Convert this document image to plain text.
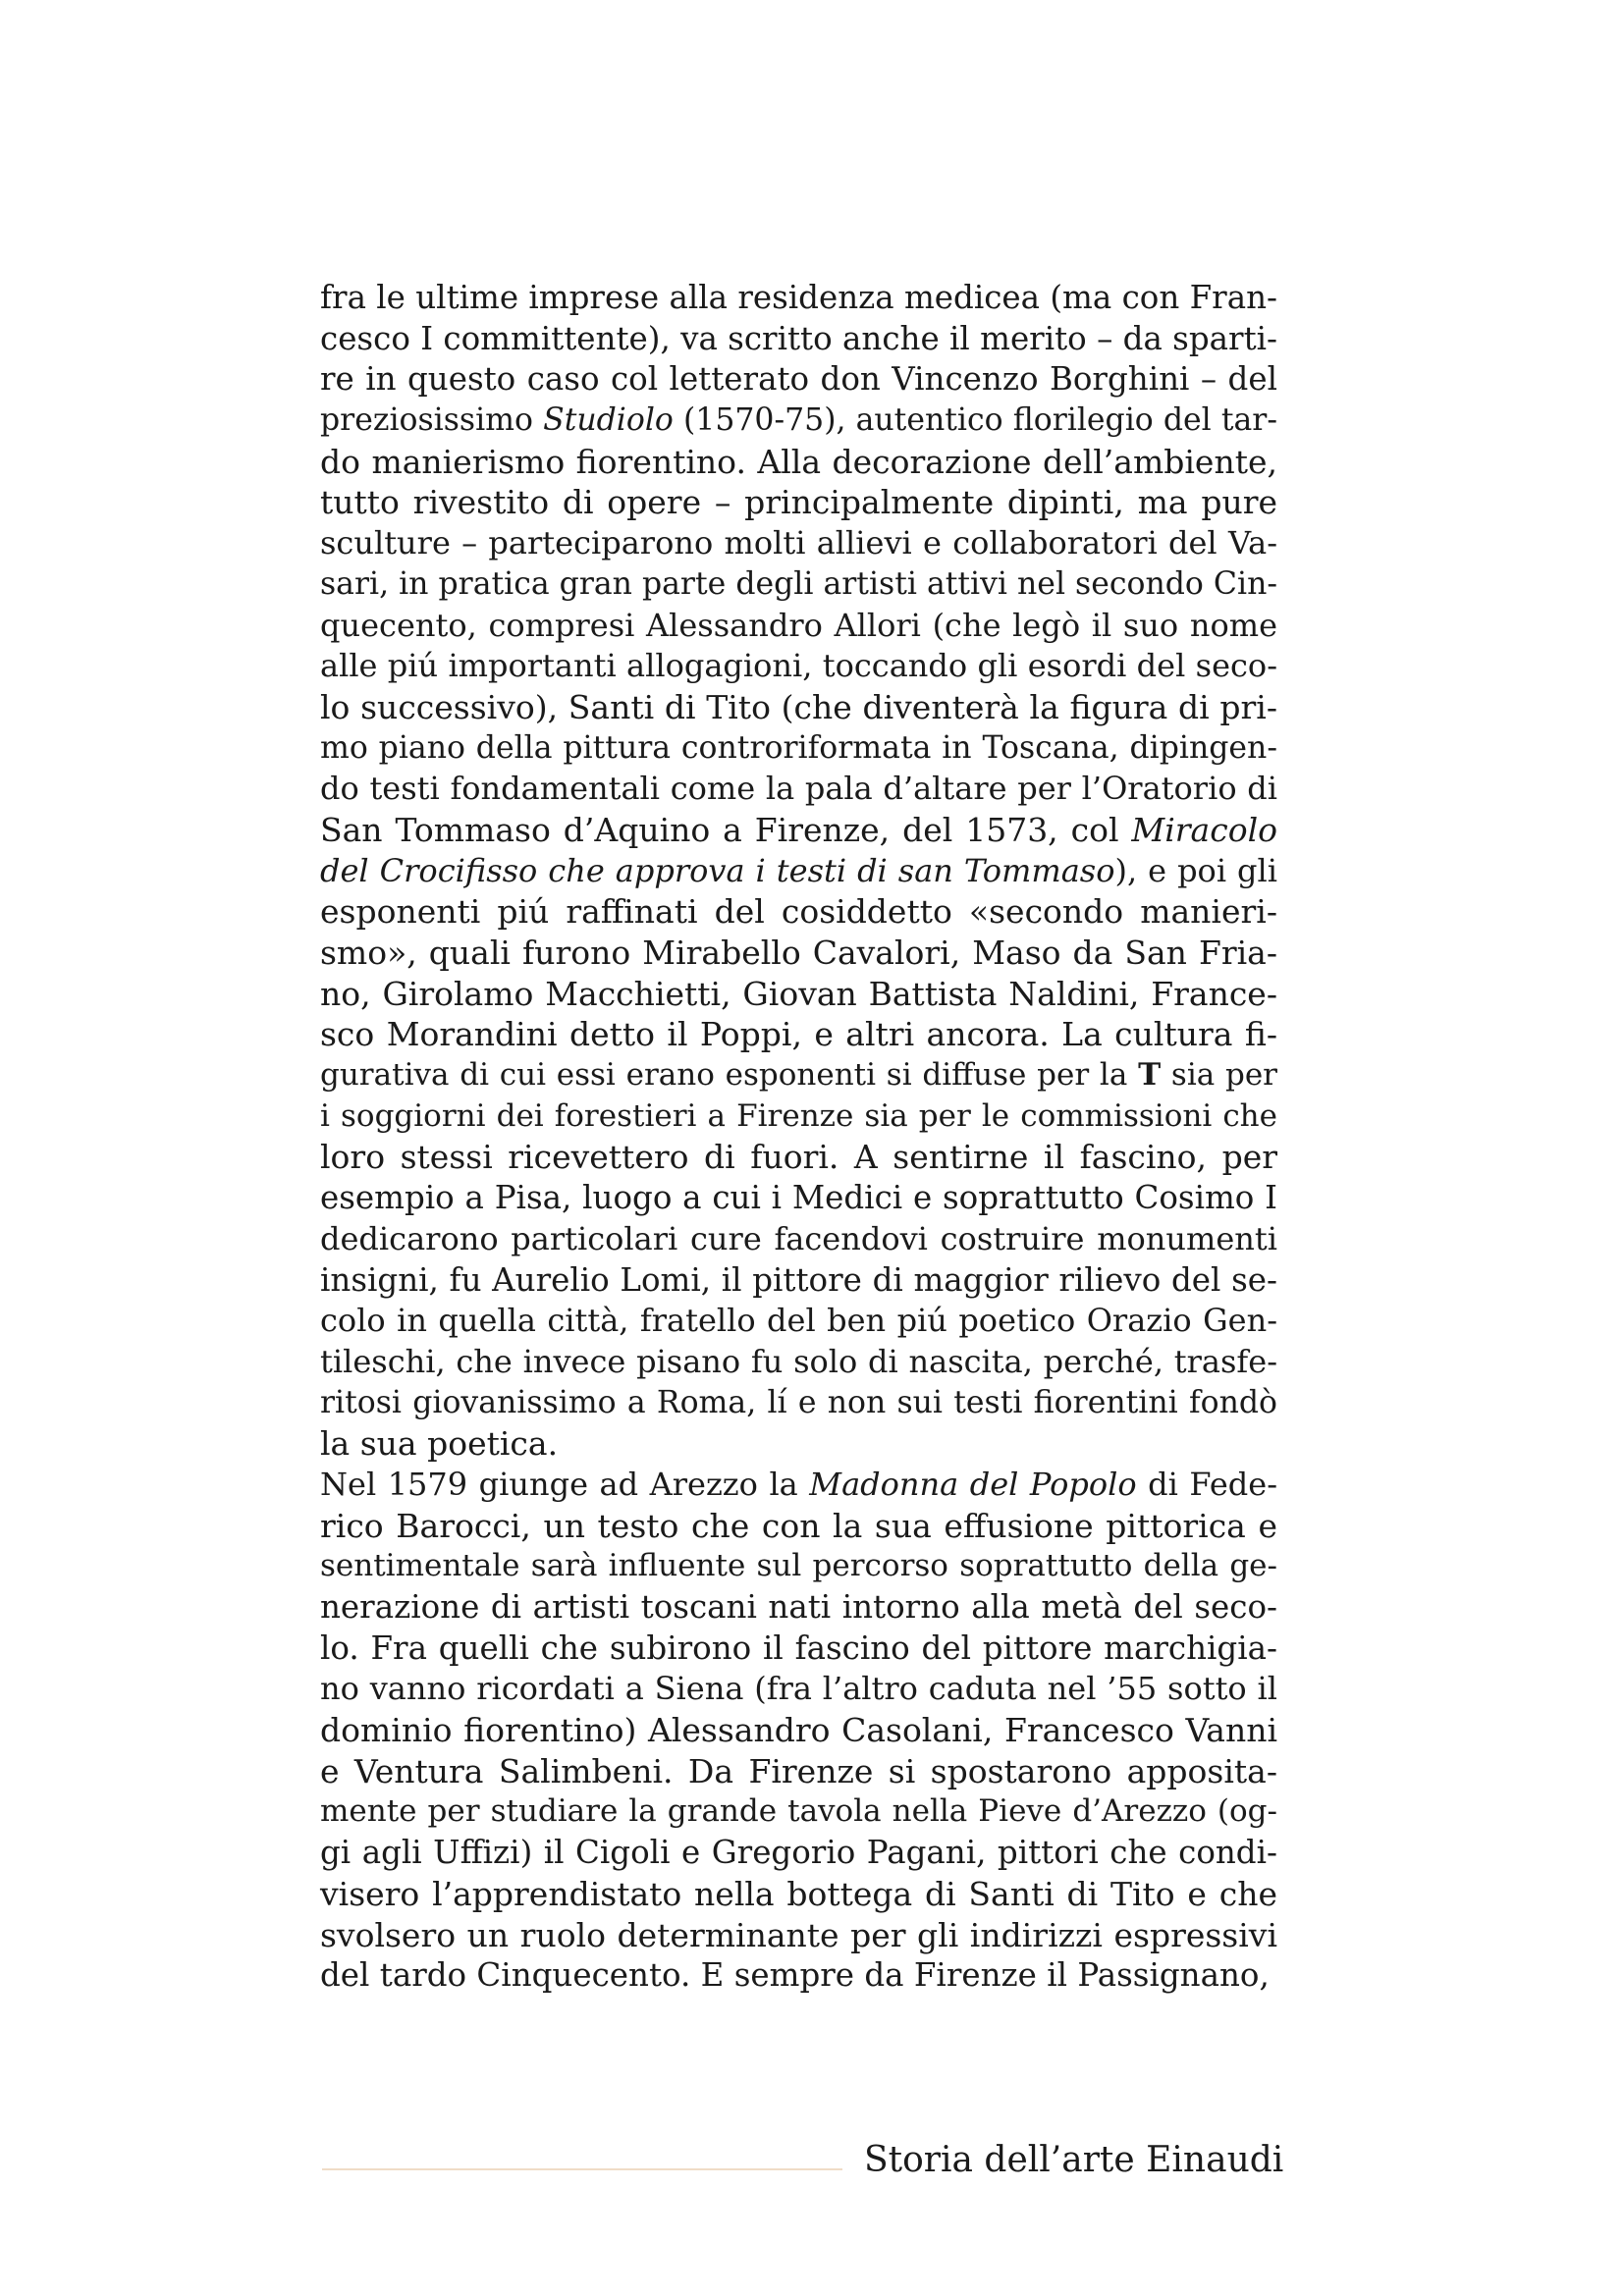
fra le ultime imprese alla residenza medicea (ma con Fran-
cesco I committente), va scritto anche il merito – da sparti-
re in questo caso col letterato don Vincenzo Borghini – del
preziosissimo Studiolo (1570-75), autentico florilegio del tar-
do manierismo fiorentino. Alla decorazione dell’ambiente,
tutto rivestito di opere – principalmente dipinti, ma pure
sculture – parteciparono molti allievi e collaboratori del Va-
sari, in pratica gran parte degli artisti attivi nel secondo Cin-
quecento, compresi Alessandro Allori (che legò il suo nome
alle piú importanti allogagioni, toccando gli esordi del seco-
lo successivo), Santi di Tito (che diventerà la figura di pri-
mo piano della pittura controriformata in Toscana, dipingen-
do testi fondamentali come la pala d’altare per l’Oratorio di
San Tommaso d’Aquino a Firenze, del 1573, col Miracolo
del Crocifisso che approva i testi di san Tommaso), e poi gli
esponenti piú raffinati del cosiddetto «secondo manieri-
smo», quali furono Mirabello Cavalori, Maso da San Fria-
no, Girolamo Macchietti, Giovan Battista Naldini, France-
sco Morandini detto il Poppi, e altri ancora. La cultura fi-
gurativa di cui essi erano esponenti si diffuse per la T sia per
i soggiorni dei forestieri a Firenze sia per le commissioni che
loro stessi ricevettero di fuori. A sentirne il fascino, per
esempio a Pisa, luogo a cui i Medici e soprattutto Cosimo I
dedicarono particolari cure facendovi costruire monumenti
insigni, fu Aurelio Lomi, il pittore di maggior rilievo del se-
colo in quella città, fratello del ben piú poetico Orazio Gen-
tileschi, che invece pisano fu solo di nascita, perché, trasfe-
ritosi giovanissimo a Roma, lí e non sui testi fiorentini fondò
la sua poetica.
Nel 1579 giunge ad Arezzo la Madonna del Popolo di Fede-
rico Barocci, un testo che con la sua effusione pittorica e
sentimentale sarà influente sul percorso soprattutto della ge-
nerazione di artisti toscani nati intorno alla metà del seco-
lo. Fra quelli che subirono il fascino del pittore marchigia-
no vanno ricordati a Siena (fra l’altro caduta nel ’55 sotto il
dominio fiorentino) Alessandro Casolani, Francesco Vanni
e Ventura Salimbeni. Da Firenze si spostarono apposita-
mente per studiare la grande tavola nella Pieve d’Arezzo (og-
gi agli Uffizi) il Cigoli e Gregorio Pagani, pittori che condi-
visero l’apprendistato nella bottega di Santi di Tito e che
svolsero un ruolo determinante per gli indirizzi espressivi
del tardo Cinquecento. E sempre da Firenze il Passignano,
Storia dell’arte Einaudi
